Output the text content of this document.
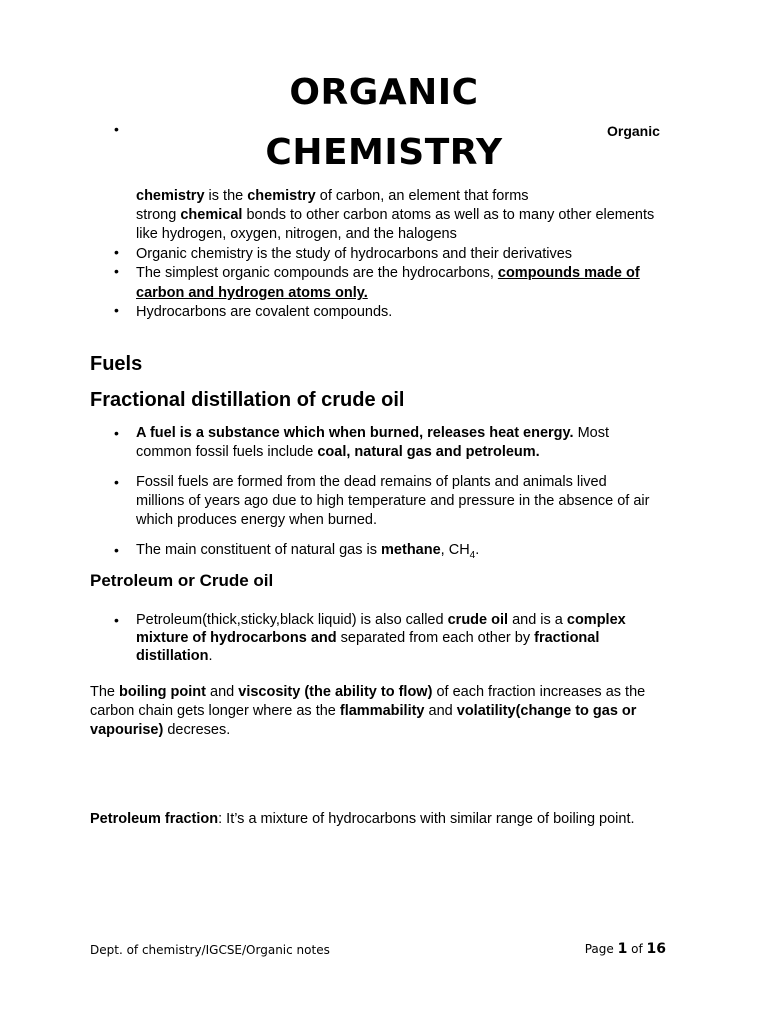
ORGANIC
CHEMISTRY
•	Organic
chemistry is the chemistry of carbon, an element that forms
strong chemical bonds to other carbon atoms as well as to many other elements
like hydrogen, oxygen, nitrogen, and the halogens
• Organic chemistry is the study of hydrocarbons and their derivatives
• The simplest organic compounds are the hydrocarbons, compounds made of
carbon and hydrogen atoms only.
• Hydrocarbons are covalent compounds.
Fuels
Fractional distillation of crude oil
• A fuel is a substance which when burned, releases heat energy. Most
common fossil fuels include coal, natural gas and petroleum.
• Fossil fuels are formed from the dead remains of plants and animals lived
millions of years ago due to high temperature and pressure in the absence of air
which produces energy when burned.
• The main constituent of natural gas is methane, $CH_4$.
Petroleum or Crude oil
• Petroleum(thick,sticky,black liquid) is also called crude oil and is a complex
mixture of hydrocarbons and separated from each other by fractional
distillation.
The boiling point and viscosity (the ability to flow) of each fraction increases as the
carbon chain gets longer where as the flammability and volatility(change to gas or
vapourise) decreses.
Petroleum fraction: It’s a mixture of hydrocarbons with similar range of boiling point.
Dept. of chemistry/IGCSE/Organic notes	Page 1 of 16
